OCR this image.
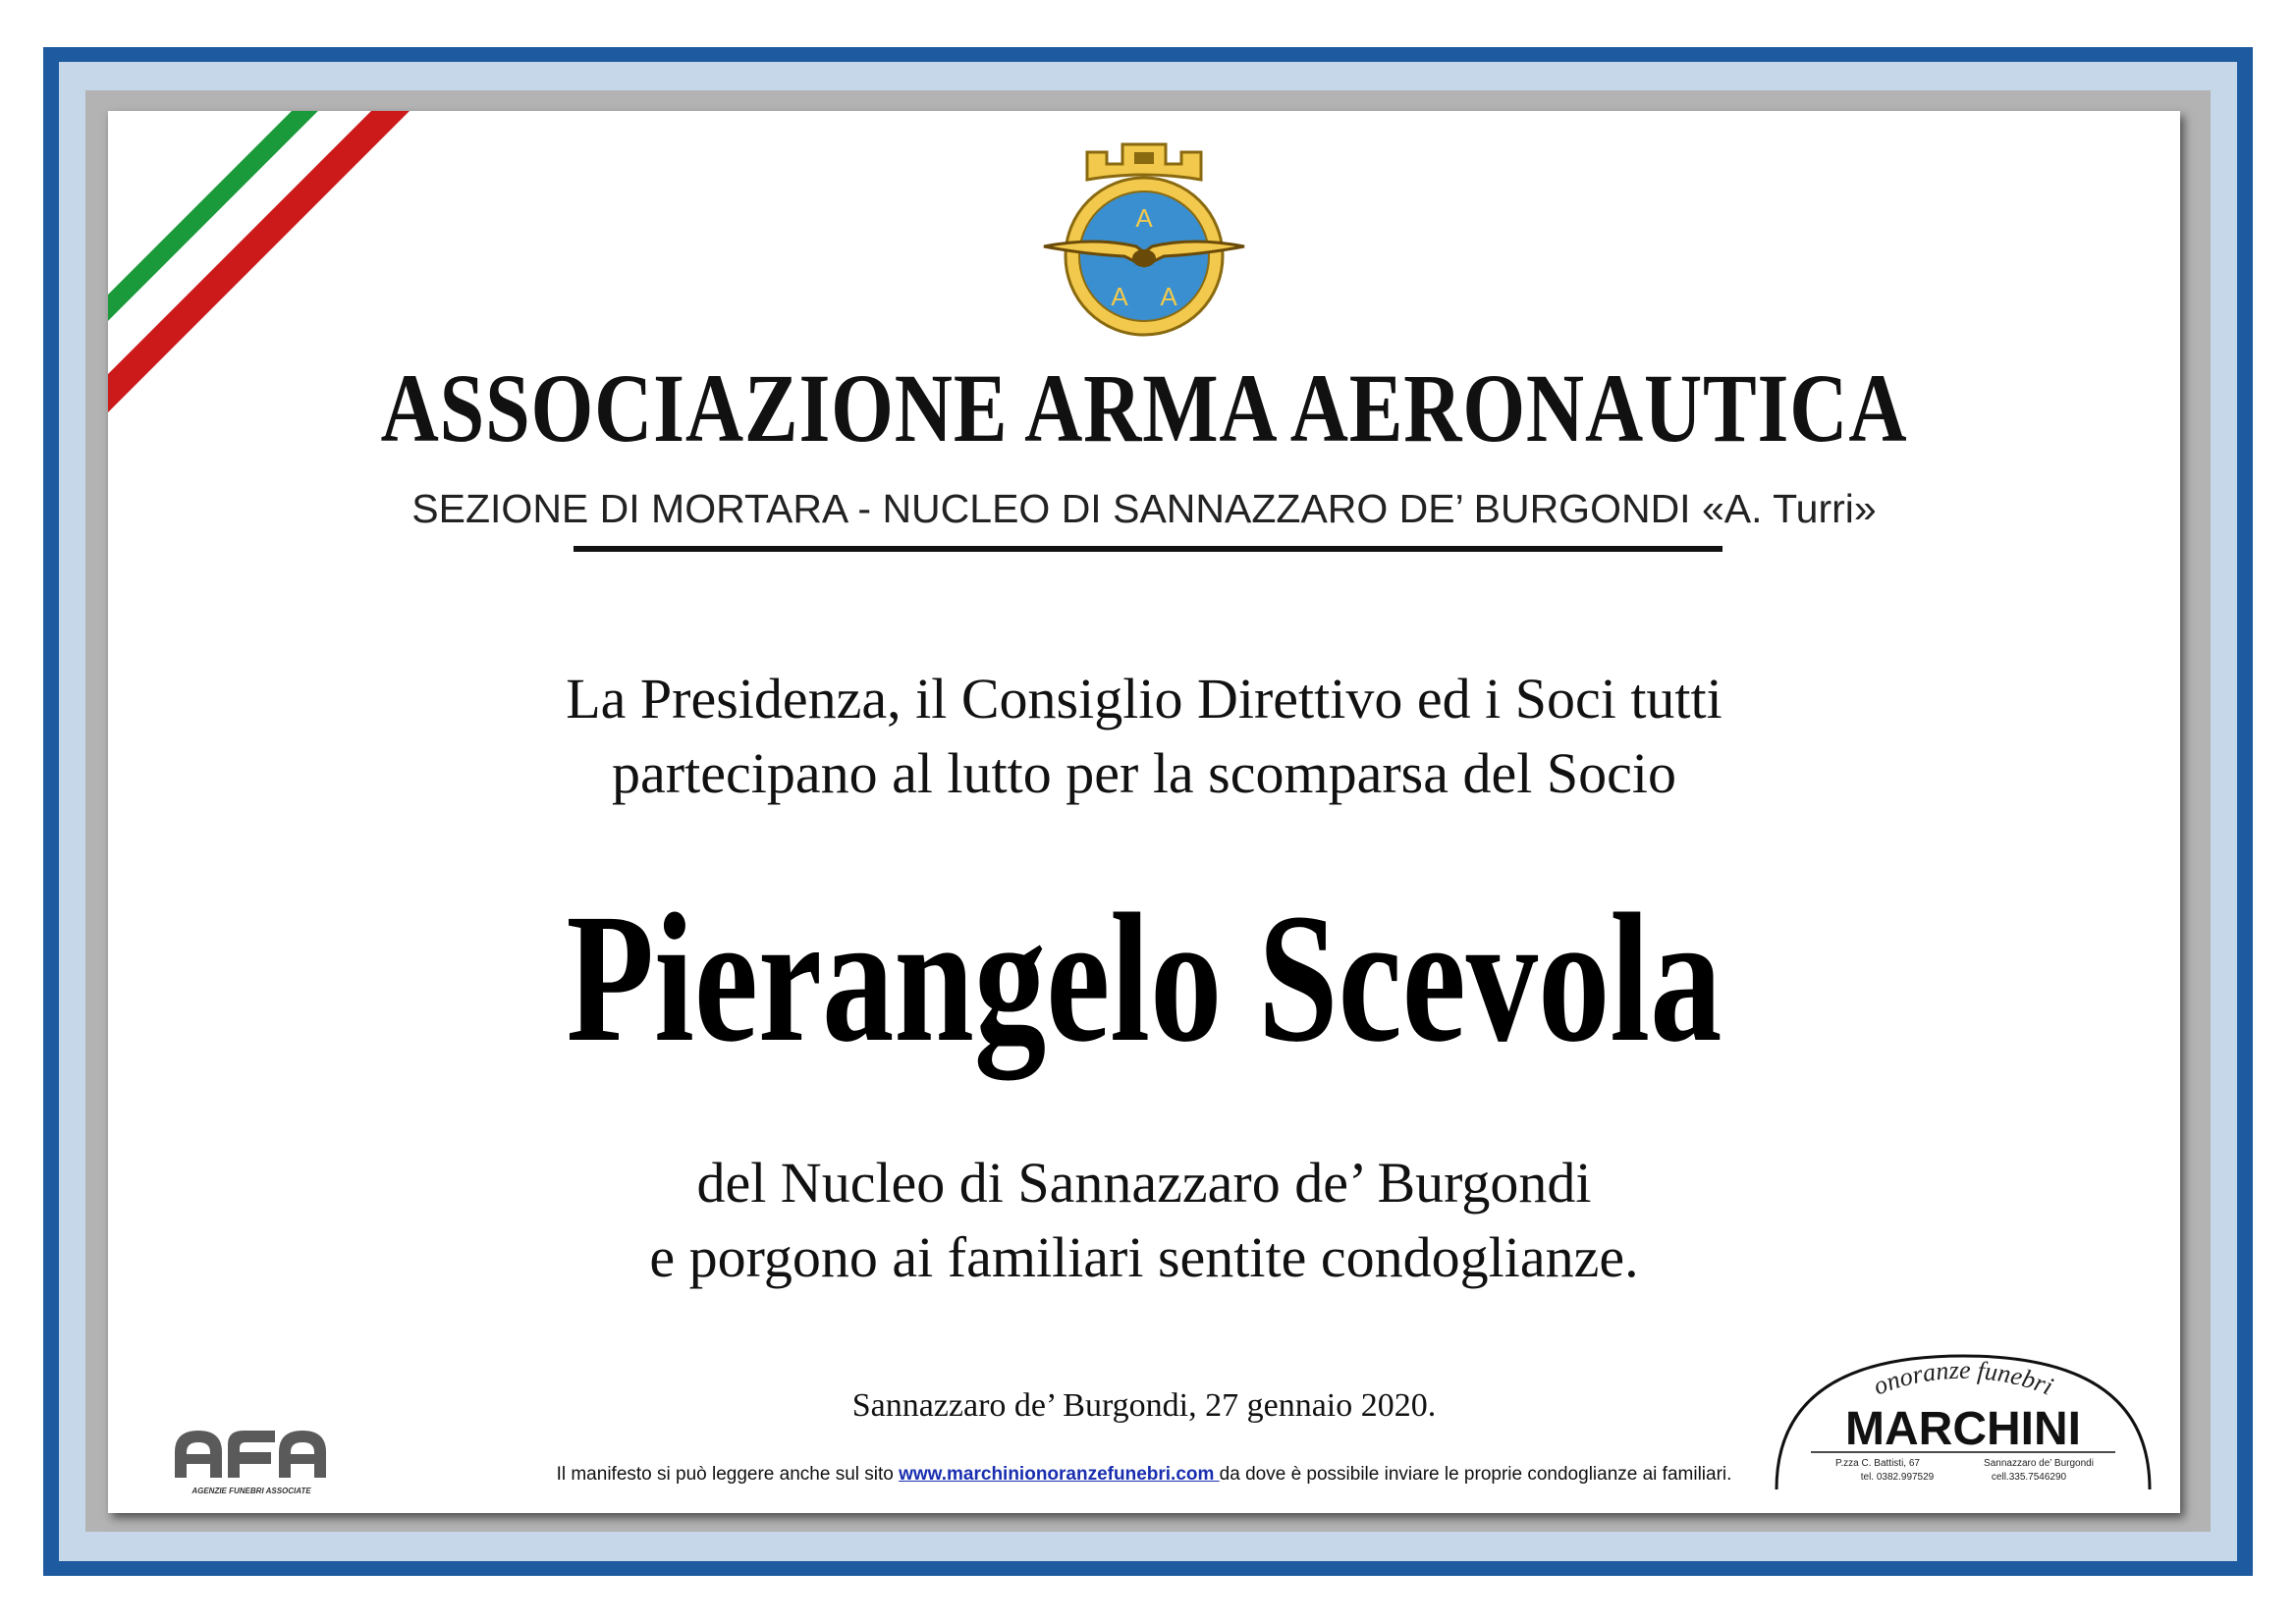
A
A A
ASSOCIAZIONE ARMA AERONAUTICA
SEZIONE DI MORTARA - NUCLEO DI SANNAZZARO DE’ BURGONDI «A. Turri»
La Presidenza, il Consiglio Direttivo ed i Soci tutti
partecipano al lutto per la scomparsa del Socio
Pierangelo Scevola
del Nucleo di Sannazzaro de’ Burgondi
e porgono ai familiari sentite condoglianze.
Sannazzaro de’ Burgondi, 27 gennaio 2020.
Il manifesto si può leggere anche sul sito www.marchinionoranzefunebri.com da dove è possibile inviare le proprie condoglianze ai familiari.
AGENZIE FUNEBRI ASSOCIATE
onoranze funebri
MARCHINI
P.zza C. Battisti, 67	Sannazzaro de’ Burgondi
tel. 0382.997529	cell.335.7546290
